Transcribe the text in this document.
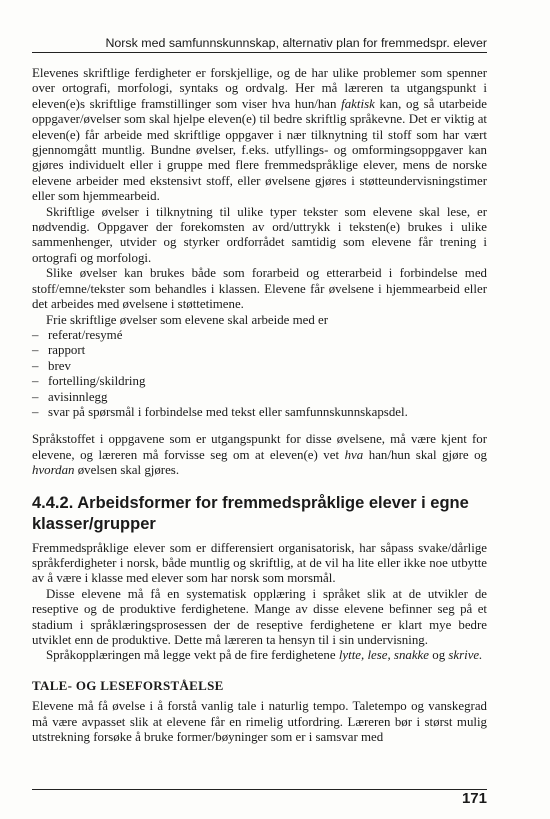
Norsk med samfunnskunnskap, alternativ plan for fremmedspr. elever

Elevenes skriftlige ferdigheter er forskjellige, og de har ulike problemer som spenner over ortografi, morfologi, syntaks og ordvalg. Her må læreren ta utgangspunkt i eleven(e)s skriftlige framstillinger som viser hva hun/han faktisk kan, og så utarbeide oppgaver/øvelser som skal hjelpe eleven(e) til bedre skriftlig språkevne. Det er viktig at eleven(e) får arbeide med skriftlige oppgaver i nær tilknytning til stoff som har vært gjennomgått muntlig. Bundne øvelser, f.eks. utfyllings- og omformingsoppgaver kan gjøres individuelt eller i gruppe med flere fremmedspråklige elever, mens de norske elevene arbeider med ekstensivt stoff, eller øvelsene gjøres i støtteundervisningstimer eller som hjemmearbeid.

Skriftlige øvelser i tilknytning til ulike typer tekster som elevene skal lese, er nødvendig. Oppgaver der forekomsten av ord/uttrykk i teksten(e) brukes i ulike sammenhenger, utvider og styrker ordforrådet samtidig som elevene får trening i ortografi og morfologi.

Slike øvelser kan brukes både som forarbeid og etterarbeid i forbindelse med stoff/emne/tekster som behandles i klassen. Elevene får øvelsene i hjemmearbeid eller det arbeides med øvelsene i støttetimene.

Frie skriftlige øvelser som elevene skal arbeide med er

– referat/resymé
– rapport
– brev
– fortelling/skildring
– avisinnlegg
– svar på spørsmål i forbindelse med tekst eller samfunnskunnskapsdel.

Språkstoffet i oppgavene som er utgangspunkt for disse øvelsene, må være kjent for elevene, og læreren må forvisse seg om at eleven(e) vet hva han/hun skal gjøre og hvordan øvelsen skal gjøres.

4.4.2. Arbeidsformer for fremmedspråklige elever i egne klasser/grupper

Fremmedspråklige elever som er differensiert organisatorisk, har såpass svake/dårlige språkferdigheter i norsk, både muntlig og skriftlig, at de vil ha lite eller ikke noe utbytte av å være i klasse med elever som har norsk som morsmål.

Disse elevene må få en systematisk opplæring i språket slik at de utvikler de reseptive og de produktive ferdighetene. Mange av disse elevene befinner seg på et stadium i språklæringsprosessen der de reseptive ferdighetene er klart mye bedre utviklet enn de produktive. Dette må læreren ta hensyn til i sin undervisning.

Språkopplæringen må legge vekt på de fire ferdighetene lytte, lese, snakke og skrive.

TALE- OG LESEFORSTÅELSE

Elevene må få øvelse i å forstå vanlig tale i naturlig tempo. Taletempo og vanskegrad må være avpasset slik at elevene får en rimelig utfordring. Læreren bør i størst mulig utstrekning forsøke å bruke former/bøyninger som er i samsvar med

171
